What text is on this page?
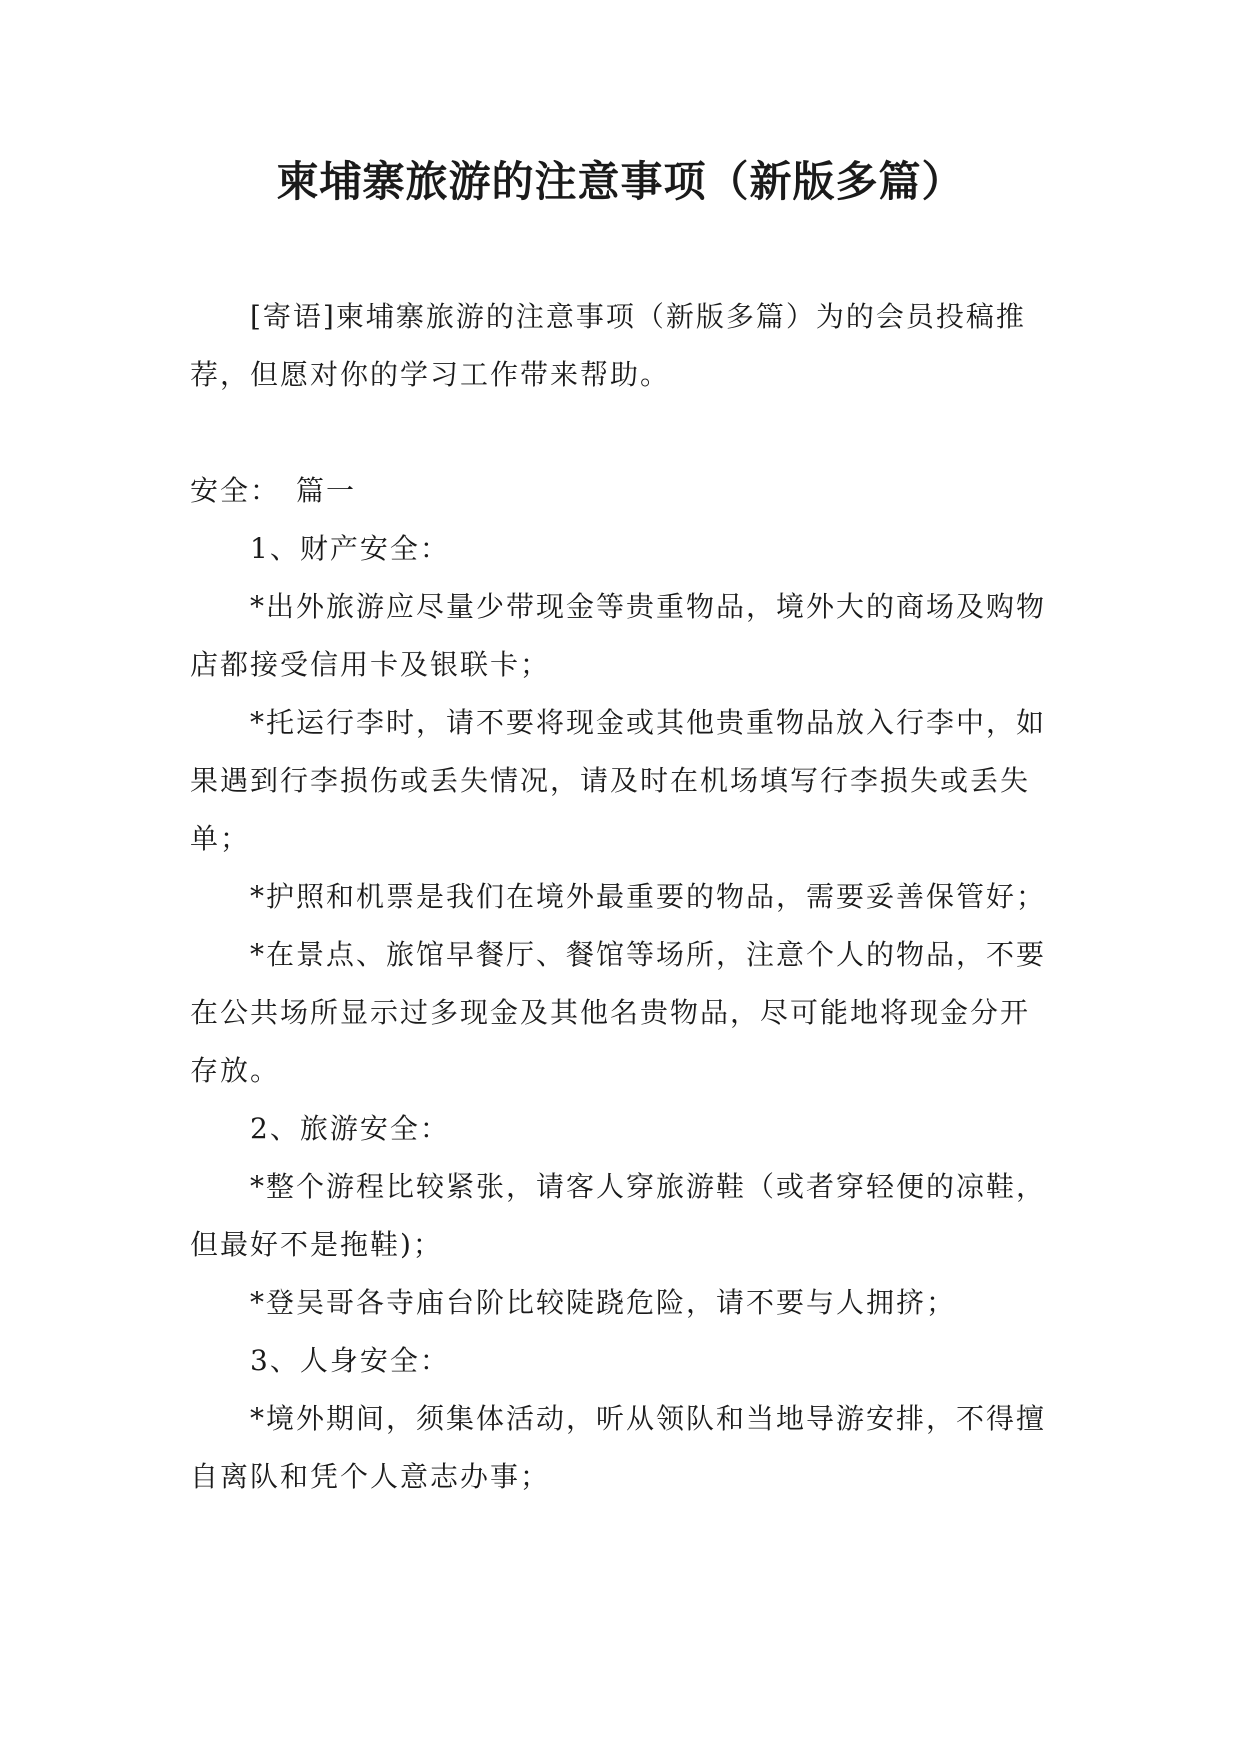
柬埔寨旅游的注意事项（新版多篇）

[寄语]柬埔寨旅游的注意事项（新版多篇）为的会员投稿推荐，但愿对你的学习工作带来帮助。

安全：　篇一

1、财产安全：

*出外旅游应尽量少带现金等贵重物品，境外大的商场及购物店都接受信用卡及银联卡；

*托运行李时，请不要将现金或其他贵重物品放入行李中，如果遇到行李损伤或丢失情况，请及时在机场填写行李损失或丢失单；

*护照和机票是我们在境外最重要的物品，需要妥善保管好；

*在景点、旅馆早餐厅、餐馆等场所，注意个人的物品，不要在公共场所显示过多现金及其他名贵物品，尽可能地将现金分开存放。

2、旅游安全：

*整个游程比较紧张，请客人穿旅游鞋（或者穿轻便的凉鞋，但最好不是拖鞋)；

*登吴哥各寺庙台阶比较陡跷危险，请不要与人拥挤；

3、人身安全：

*境外期间，须集体活动，听从领队和当地导游安排，不得擅自离队和凭个人意志办事；
